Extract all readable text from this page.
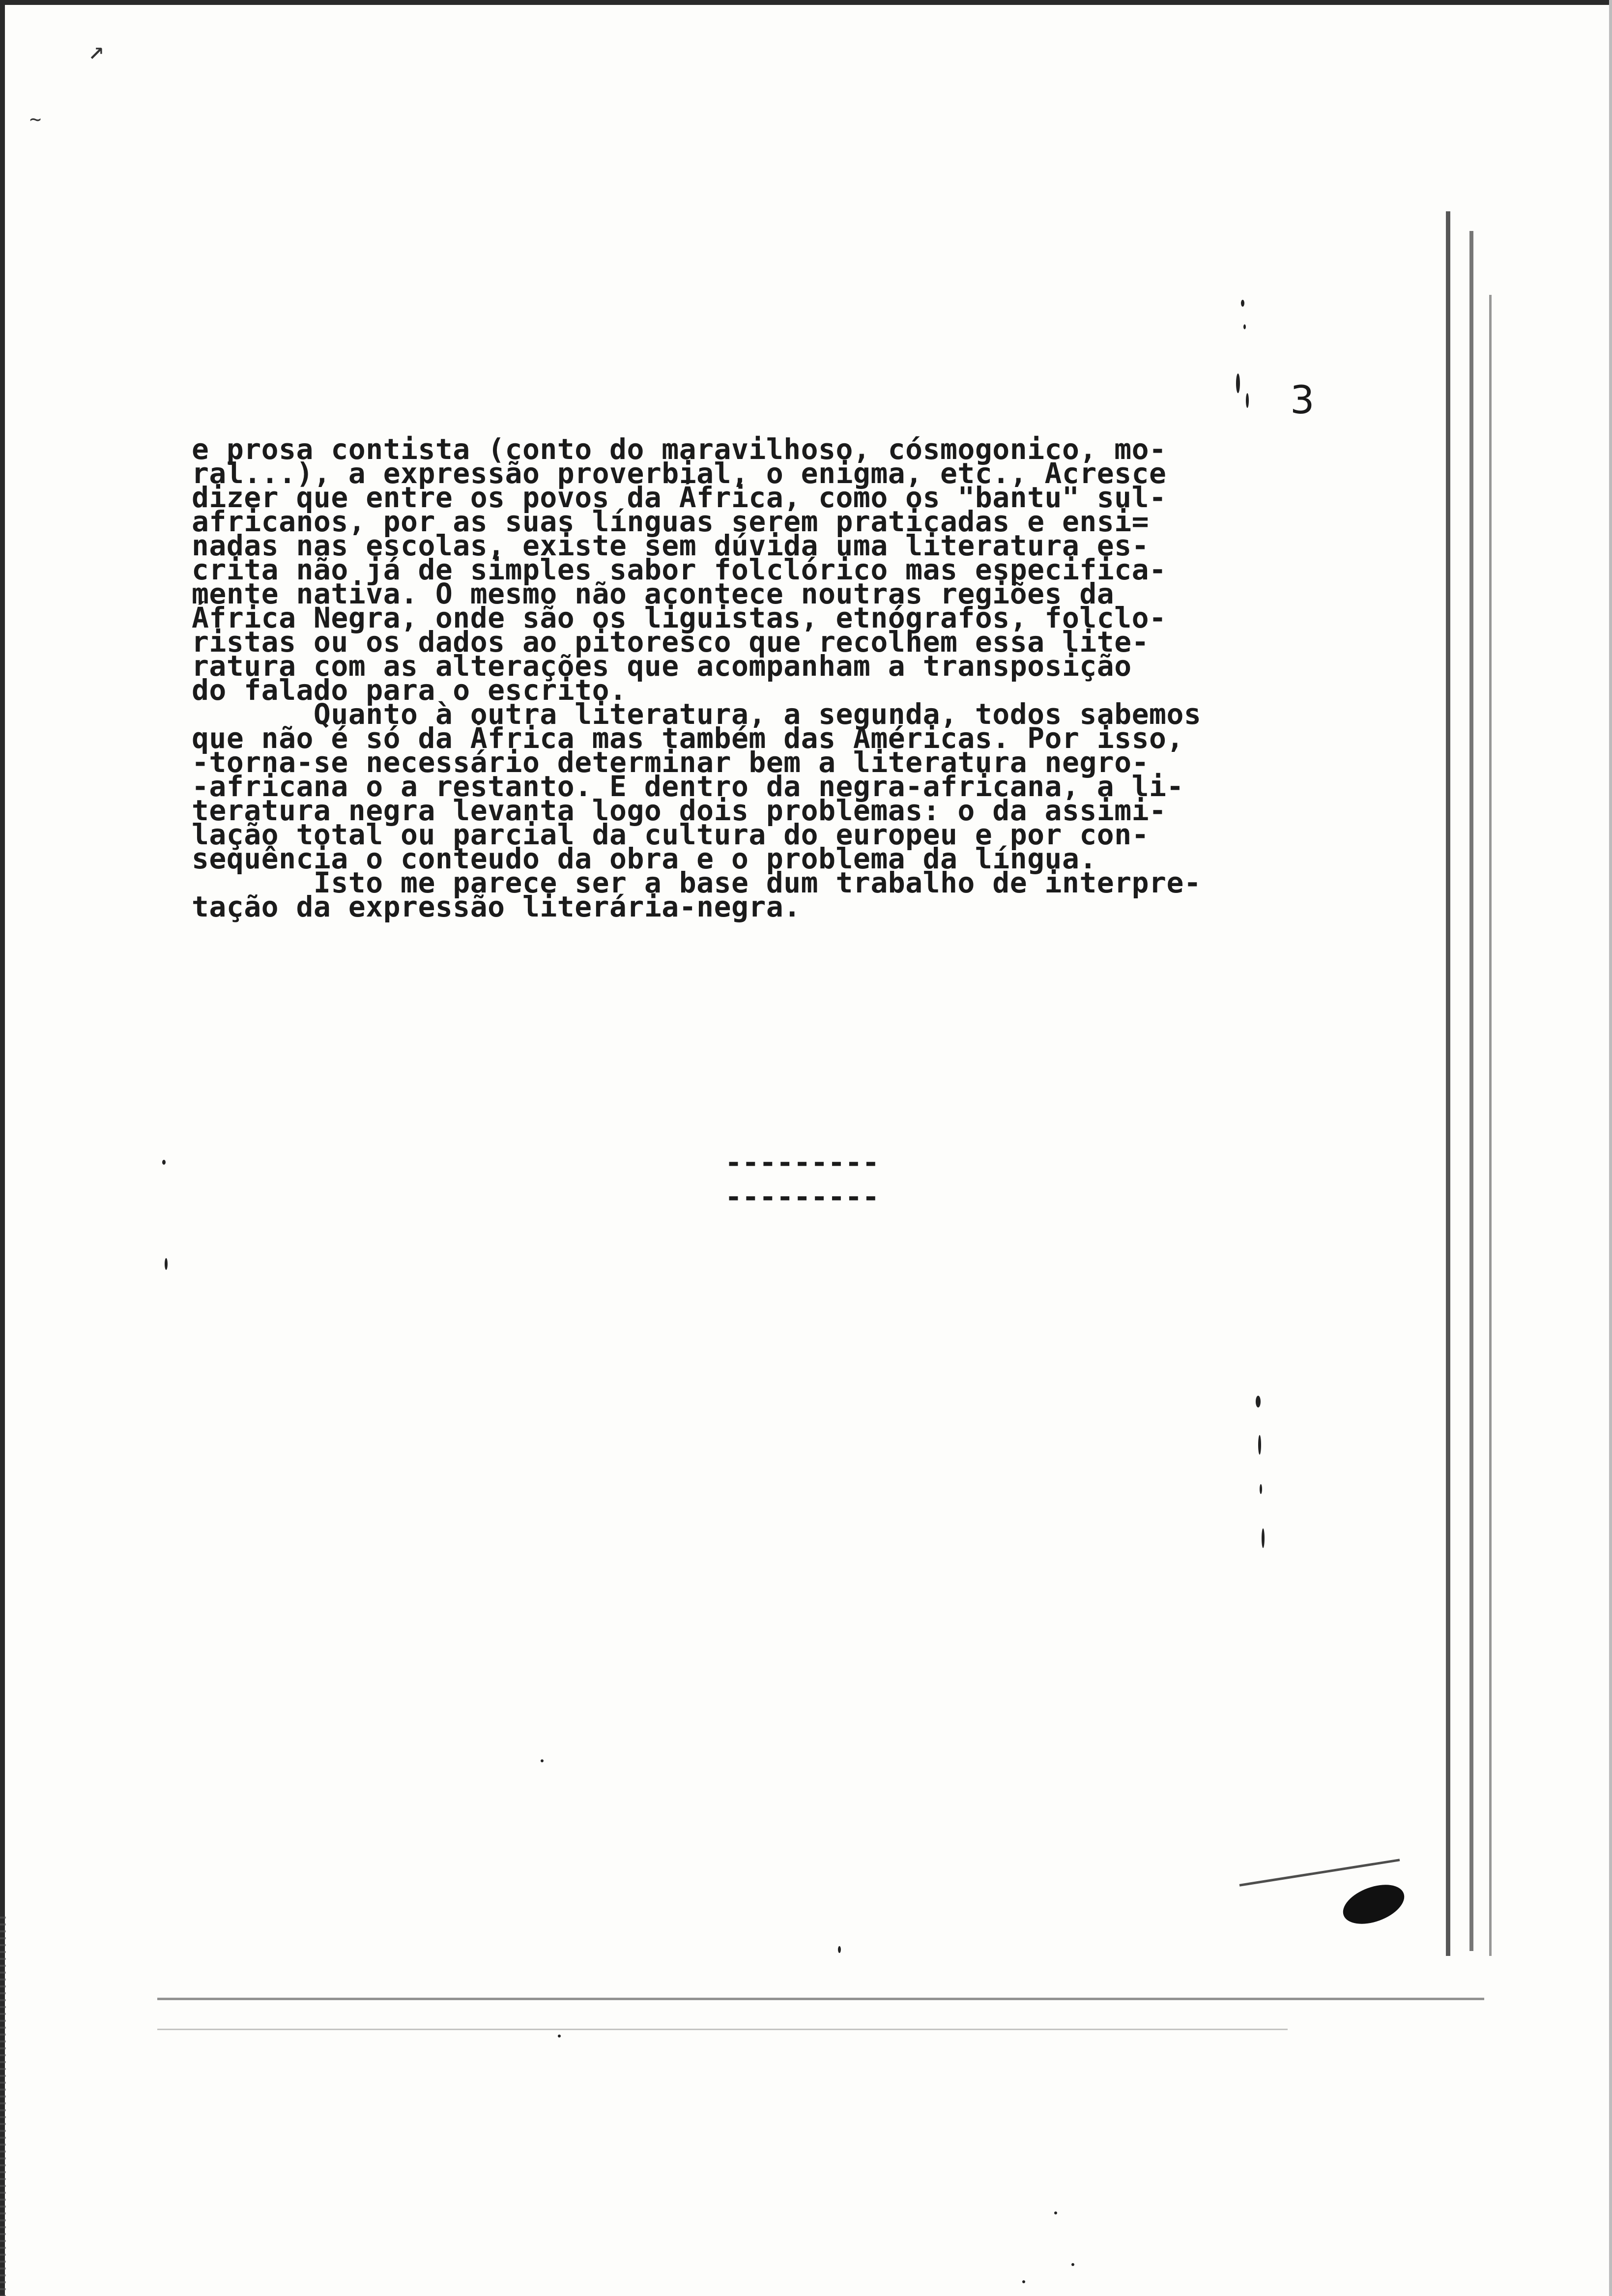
↗
~
3
e prosa contista (conto do maravilhoso, cósmogonico, mo-
ral...), a expressão proverbial, o enigma, etc., Acresce
dizer que entre os povos da África, como os "bantu" sul-
africanos, por as suas línguas serem praticadas e ensi=
nadas nas escolas, existe sem dúvida uma literatura es-
crita não já de simples sabor folclórico mas especifica-
mente nativa. O mesmo não acontece noutras regiões da
África Negra, onde são os liguistas, etnógrafos, folclo-
ristas ou os dados ao pitoresco que recolhem essa lite-
ratura com as alterações que acompanham a transposição
do falado para o escrito.
Quanto à outra literatura, a segunda, todos sabemos
que não é só da África mas também das Américas. Por isso,
-torna-se necessário determinar bem a literatura negro-
-africana o a restanto. E dentro da negra-africana, a li-
teratura negra levanta logo dois problemas: o da assimi-
lação total ou parcial da cultura do europeu e por con-
sequência o conteudo da obra e o problema da língua.
Isto me parece ser a base dum trabalho de interpre-
tação da expressão literária-negra.
---------
---------
